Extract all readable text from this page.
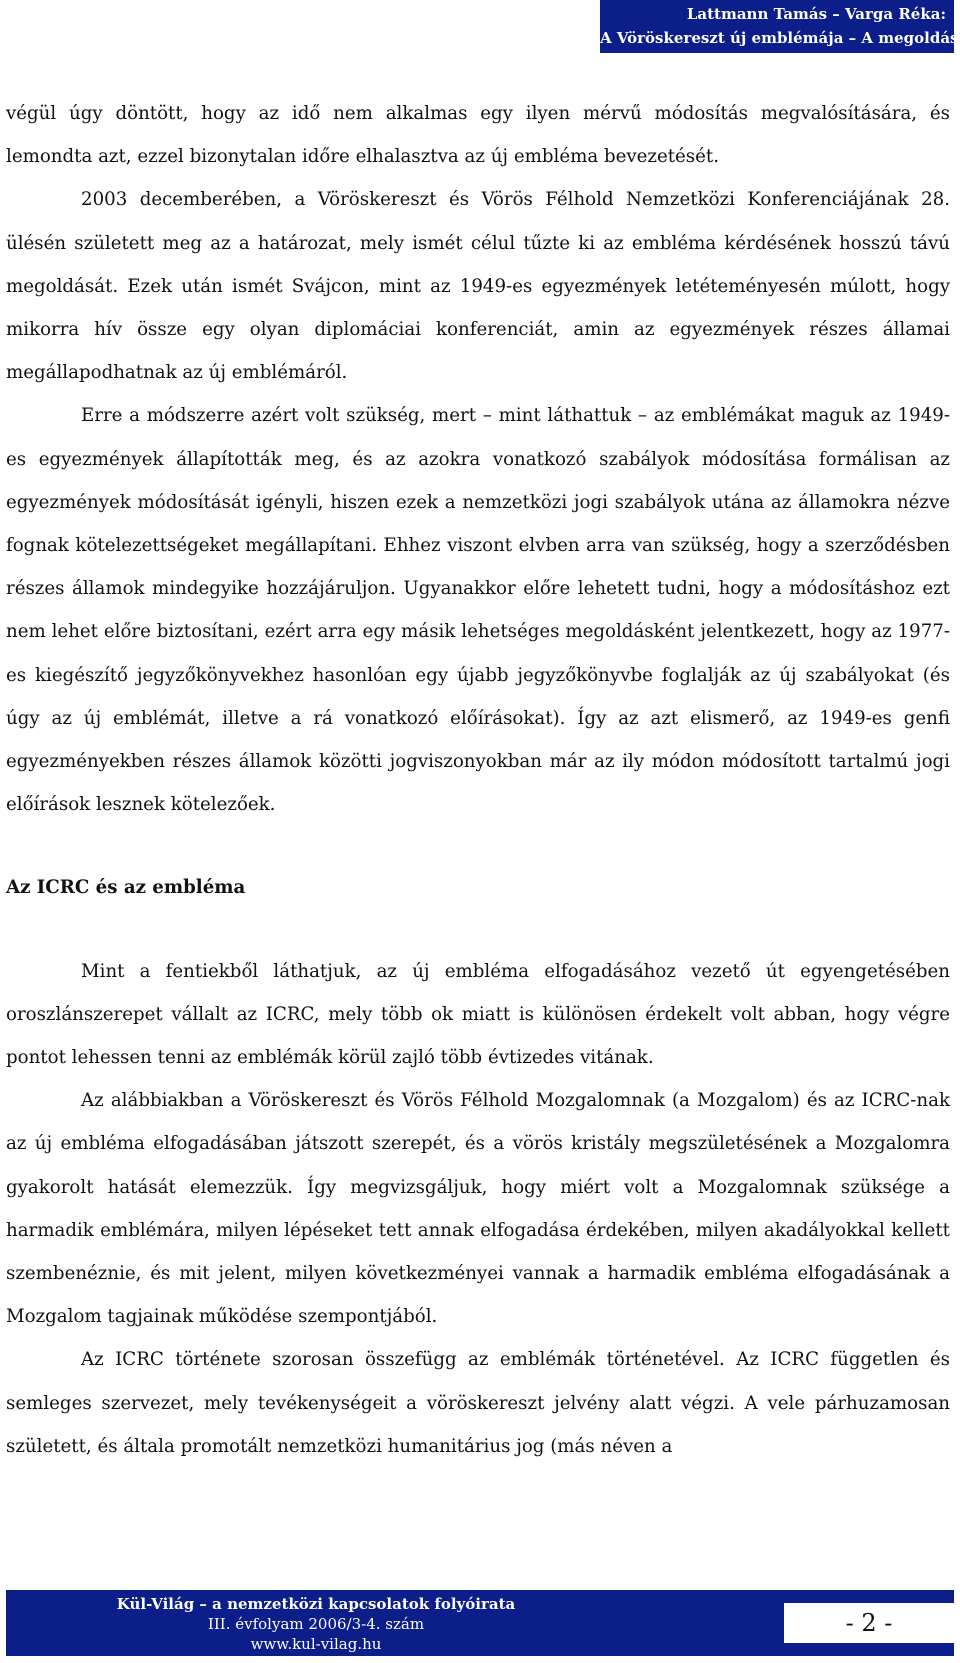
Lattmann Tamás – Varga Réka:
A Vöröskereszt új emblémája – A megoldás

végül úgy döntött, hogy az idő nem alkalmas egy ilyen mérvű módosítás megvalósítására, és lemondta azt, ezzel bizonytalan időre elhalasztva az új embléma bevezetését.

2003 decemberében, a Vöröskereszt és Vörös Félhold Nemzetközi Konferenciájának 28. ülésén született meg az a határozat, mely ismét célul tűzte ki az embléma kérdésének hosszú távú megoldását. Ezek után ismét Svájcon, mint az 1949-es egyezmények letéteményesén múlott, hogy mikorra hív össze egy olyan diplomáciai konferenciát, amin az egyezmények részes államai megállapodhatnak az új emblémáról.

Erre a módszerre azért volt szükség, mert – mint láthattuk – az emblémákat maguk az 1949-es egyezmények állapították meg, és az azokra vonatkozó szabályok módosítása formálisan az egyezmények módosítását igényli, hiszen ezek a nemzetközi jogi szabályok utána az államokra nézve fognak kötelezettségeket megállapítani. Ehhez viszont elvben arra van szükség, hogy a szerződésben részes államok mindegyike hozzájáruljon. Ugyanakkor előre lehetett tudni, hogy a módosításhoz ezt nem lehet előre biztosítani, ezért arra egy másik lehetséges megoldásként jelentkezett, hogy az 1977-es kiegészítő jegyzőkönyvekhez hasonlóan egy újabb jegyzőkönyvbe foglalják az új szabályokat (és úgy az új emblémát, illetve a rá vonatkozó előírásokat). Így az azt elismerő, az 1949-es genfi egyezményekben részes államok közötti jogviszonyokban már az ily módon módosított tartalmú jogi előírások lesznek kötelezőek.

Az ICRC és az embléma

Mint a fentiekből láthatjuk, az új embléma elfogadásához vezető út egyengetésében oroszlánszerepet vállalt az ICRC, mely több ok miatt is különösen érdekelt volt abban, hogy végre pontot lehessen tenni az emblémák körül zajló több évtizedes vitának.

Az alábbiakban a Vöröskereszt és Vörös Félhold Mozgalomnak (a Mozgalom) és az ICRC-nak az új embléma elfogadásában játszott szerepét, és a vörös kristály megszületésének a Mozgalomra gyakorolt hatását elemezzük. Így megvizsgáljuk, hogy miért volt a Mozgalomnak szüksége a harmadik emblémára, milyen lépéseket tett annak elfogadása érdekében, milyen akadályokkal kellett szembenéznie, és mit jelent, milyen következményei vannak a harmadik embléma elfogadásának a Mozgalom tagjainak működése szempontjából.

Az ICRC története szorosan összefügg az emblémák történetével. Az ICRC független és semleges szervezet, mely tevékenységeit a vöröskereszt jelvény alatt végzi. A vele párhuzamosan született, és általa promotált nemzetközi humanitárius jog (más néven a

Kül-Világ – a nemzetközi kapcsolatok folyóirata
III. évfolyam 2006/3-4. szám
www.kul-vilag.hu
- 2 -
